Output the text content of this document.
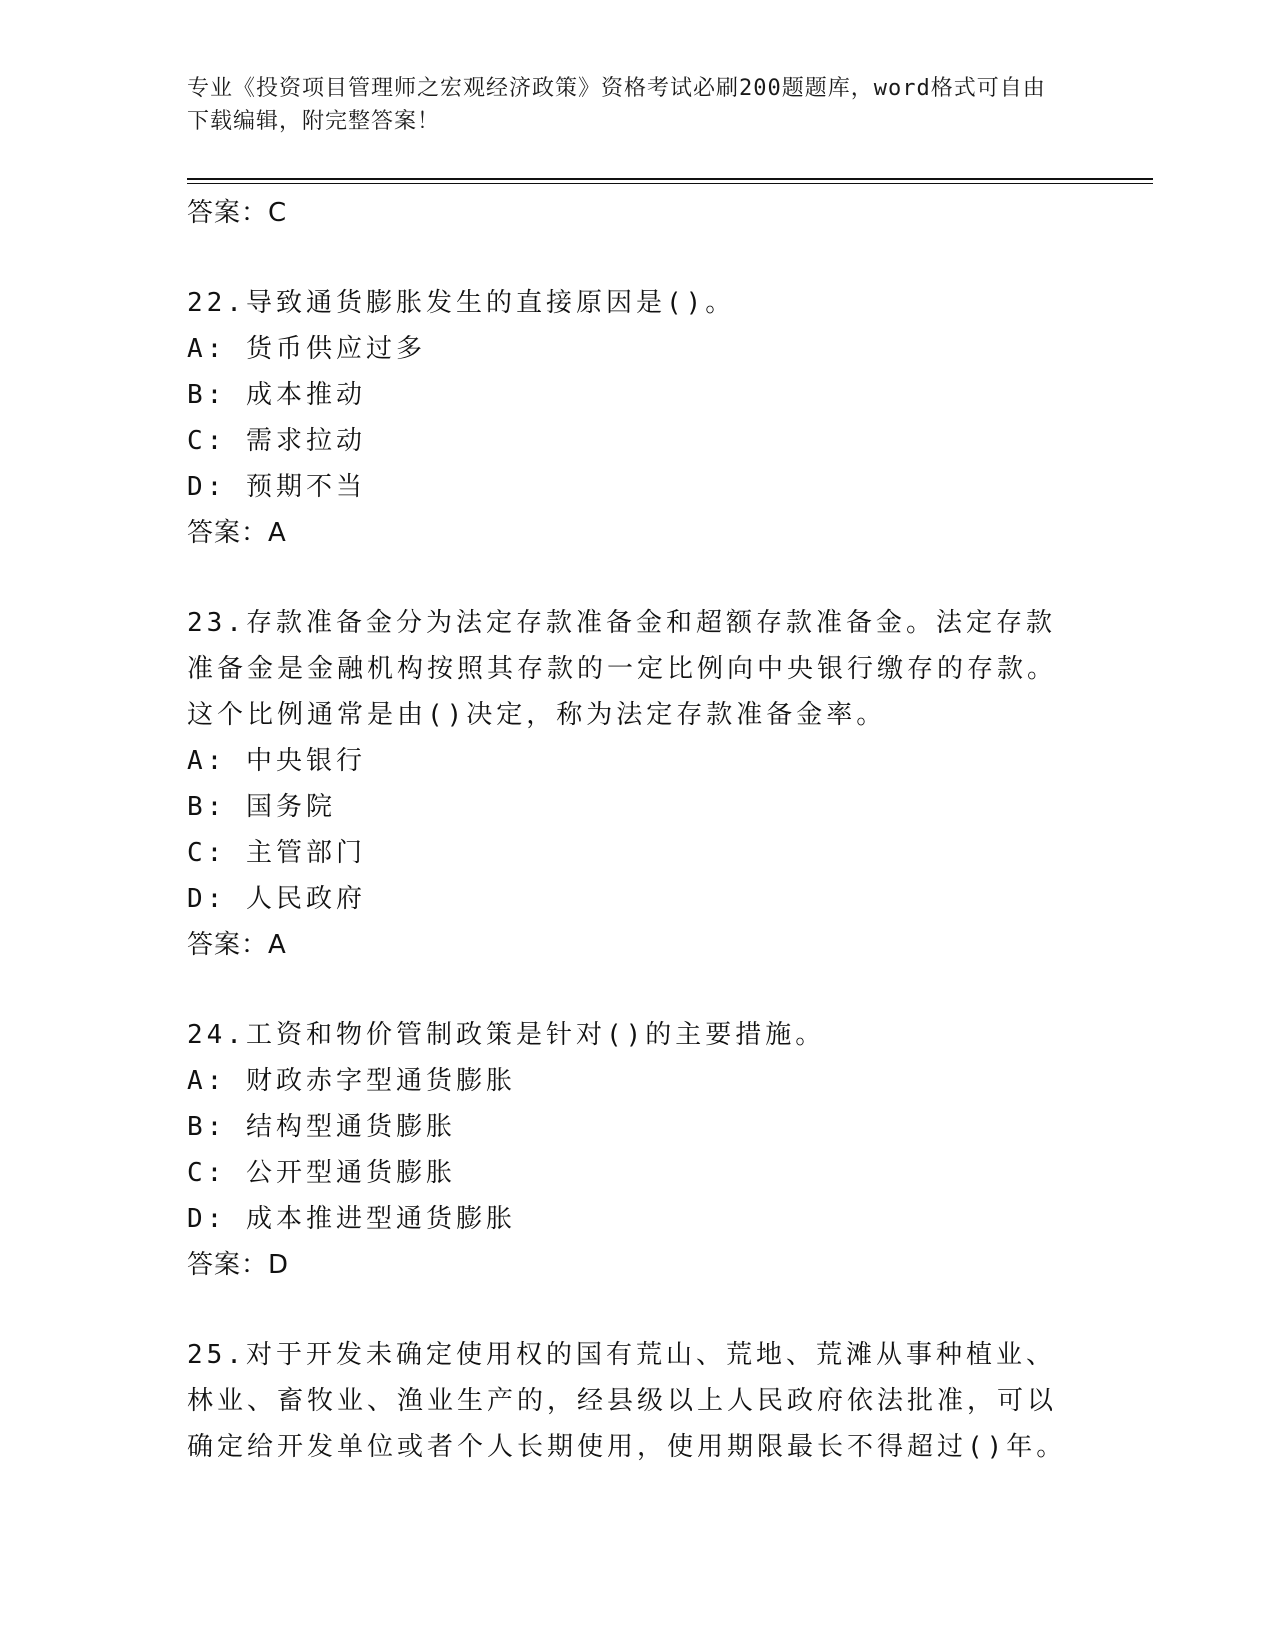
专业《投资项目管理师之宏观经济政策》资格考试必刷200题题库，word格式可自由下载编辑，附完整答案！
答案：C
22.导致通货膨胀发生的直接原因是()。
A: 货币供应过多
B: 成本推动
C: 需求拉动
D: 预期不当
答案：A
23.存款准备金分为法定存款准备金和超额存款准备金。法定存款准备金是金融机构按照其存款的一定比例向中央银行缴存的存款。这个比例通常是由()决定，称为法定存款准备金率。
A: 中央银行
B: 国务院
C: 主管部门
D: 人民政府
答案：A
24.工资和物价管制政策是针对()的主要措施。
A: 财政赤字型通货膨胀
B: 结构型通货膨胀
C: 公开型通货膨胀
D: 成本推进型通货膨胀
答案：D
25.对于开发未确定使用权的国有荒山、荒地、荒滩从事种植业、林业、畜牧业、渔业生产的，经县级以上人民政府依法批准，可以确定给开发单位或者个人长期使用，使用期限最长不得超过()年。
